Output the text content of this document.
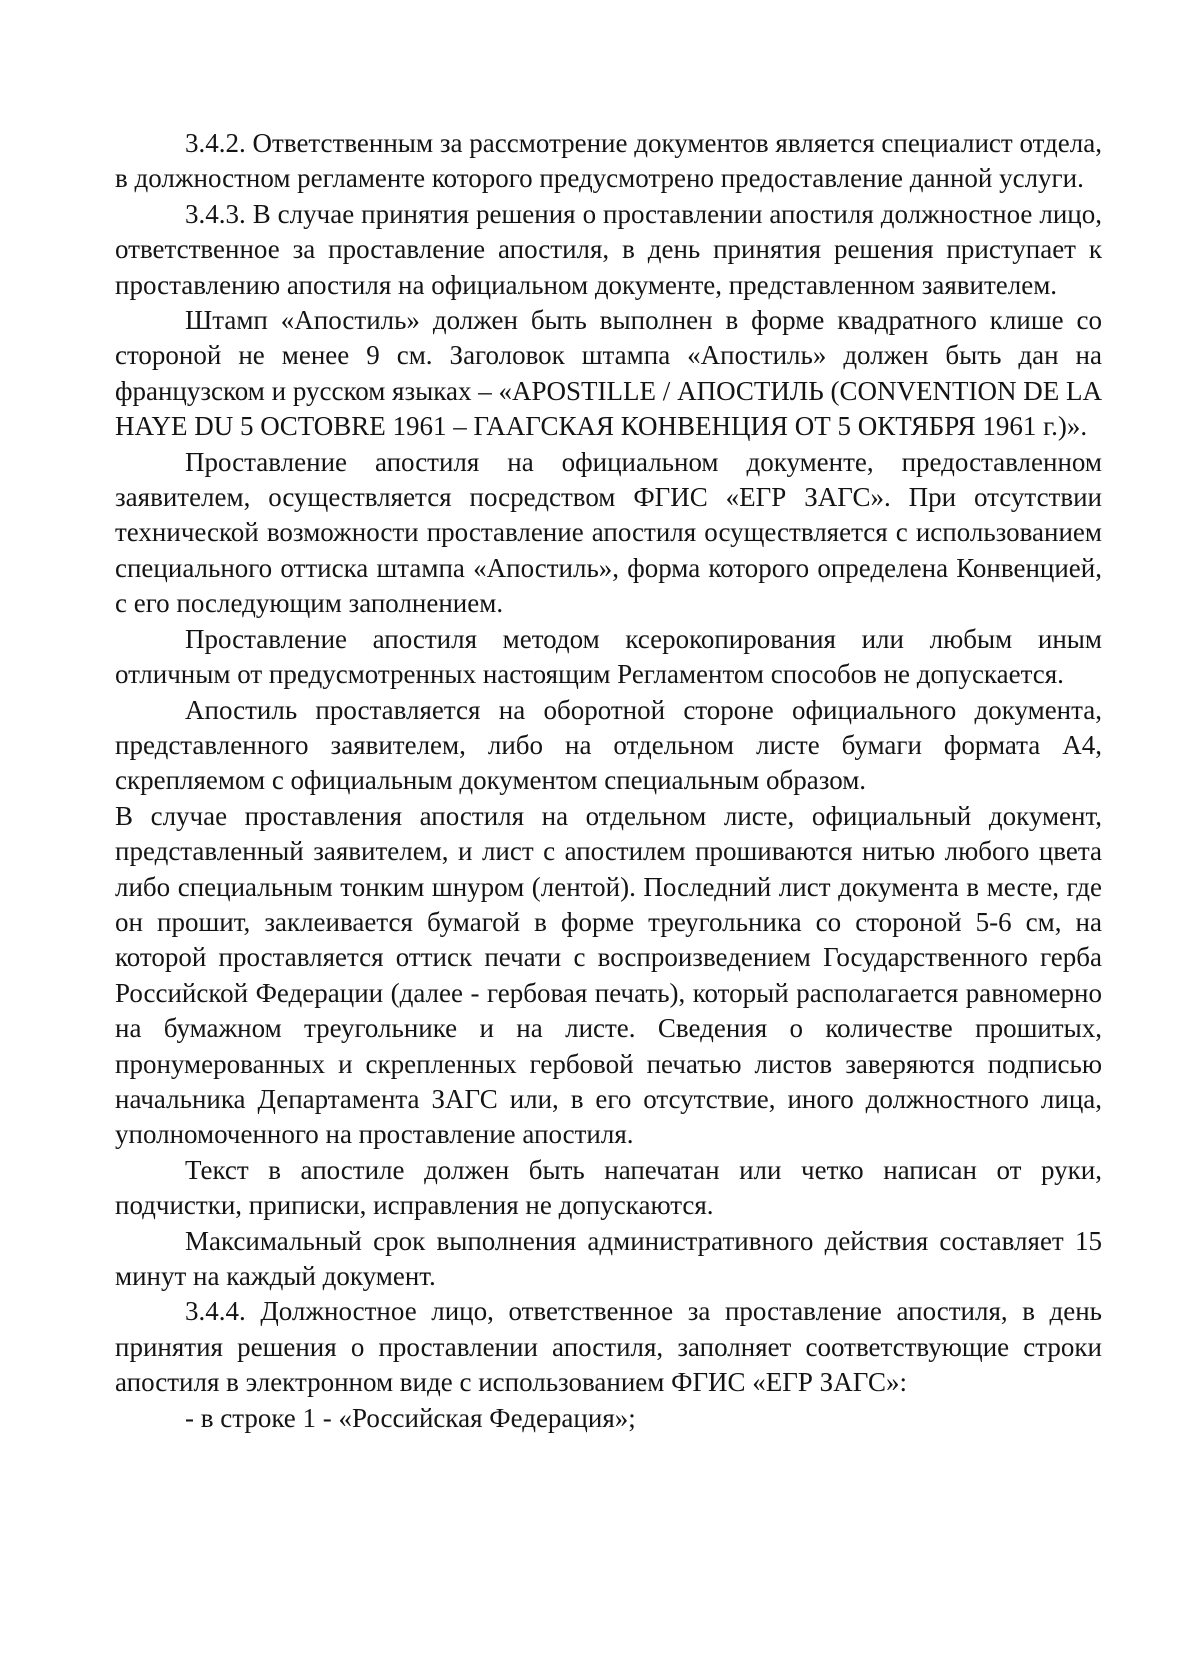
3.4.2. Ответственным за рассмотрение документов является специалист отдела, в должностном регламенте которого предусмотрено предоставление данной услуги.

3.4.3. В случае принятия решения о проставлении апостиля должностное лицо, ответственное за проставление апостиля, в день принятия решения приступает к проставлению апостиля на официальном документе, представленном заявителем.

Штамп «Апостиль» должен быть выполнен в форме квадратного клише со стороной не менее 9 см. Заголовок штампа «Апостиль» должен быть дан на французском и русском языках – «APOSTILLE / АПОСТИЛЬ (CONVENTION DE LA HAYE DU 5 OCTOBRE 1961 – ГААГСКАЯ КОНВЕНЦИЯ ОТ 5 ОКТЯБРЯ 1961 г.)».

Проставление апостиля на официальном документе, предоставленном заявителем, осуществляется посредством ФГИС «ЕГР ЗАГС». При отсутствии технической возможности проставление апостиля осуществляется с использованием специального оттиска штампа «Апостиль», форма которого определена Конвенцией, с его последующим заполнением.

Проставление апостиля методом ксерокопирования или любым иным отличным от предусмотренных настоящим Регламентом способов не допускается.

Апостиль проставляется на оборотной стороне официального документа, представленного заявителем, либо на отдельном листе бумаги формата А4, скрепляемом с официальным документом специальным образом.

В случае проставления апостиля на отдельном листе, официальный документ, представленный заявителем, и лист с апостилем прошиваются нитью любого цвета либо специальным тонким шнуром (лентой). Последний лист документа в месте, где он прошит, заклеивается бумагой в форме треугольника со стороной 5-6 см, на которой проставляется оттиск печати с воспроизведением Государственного герба Российской Федерации (далее - гербовая печать), который располагается равномерно на бумажном треугольнике и на листе. Сведения о количестве прошитых, пронумерованных и скрепленных гербовой печатью листов заверяются подписью начальника Департамента ЗАГС или, в его отсутствие, иного должностного лица, уполномоченного на проставление апостиля.

Текст в апостиле должен быть напечатан или четко написан от руки, подчистки, приписки, исправления не допускаются.

Максимальный срок выполнения административного действия составляет 15 минут на каждый документ.

3.4.4. Должностное лицо, ответственное за проставление апостиля, в день принятия решения о проставлении апостиля, заполняет соответствующие строки апостиля в электронном виде с использованием ФГИС «ЕГР ЗАГС»:

- в строке 1 - «Российская Федерация»;
